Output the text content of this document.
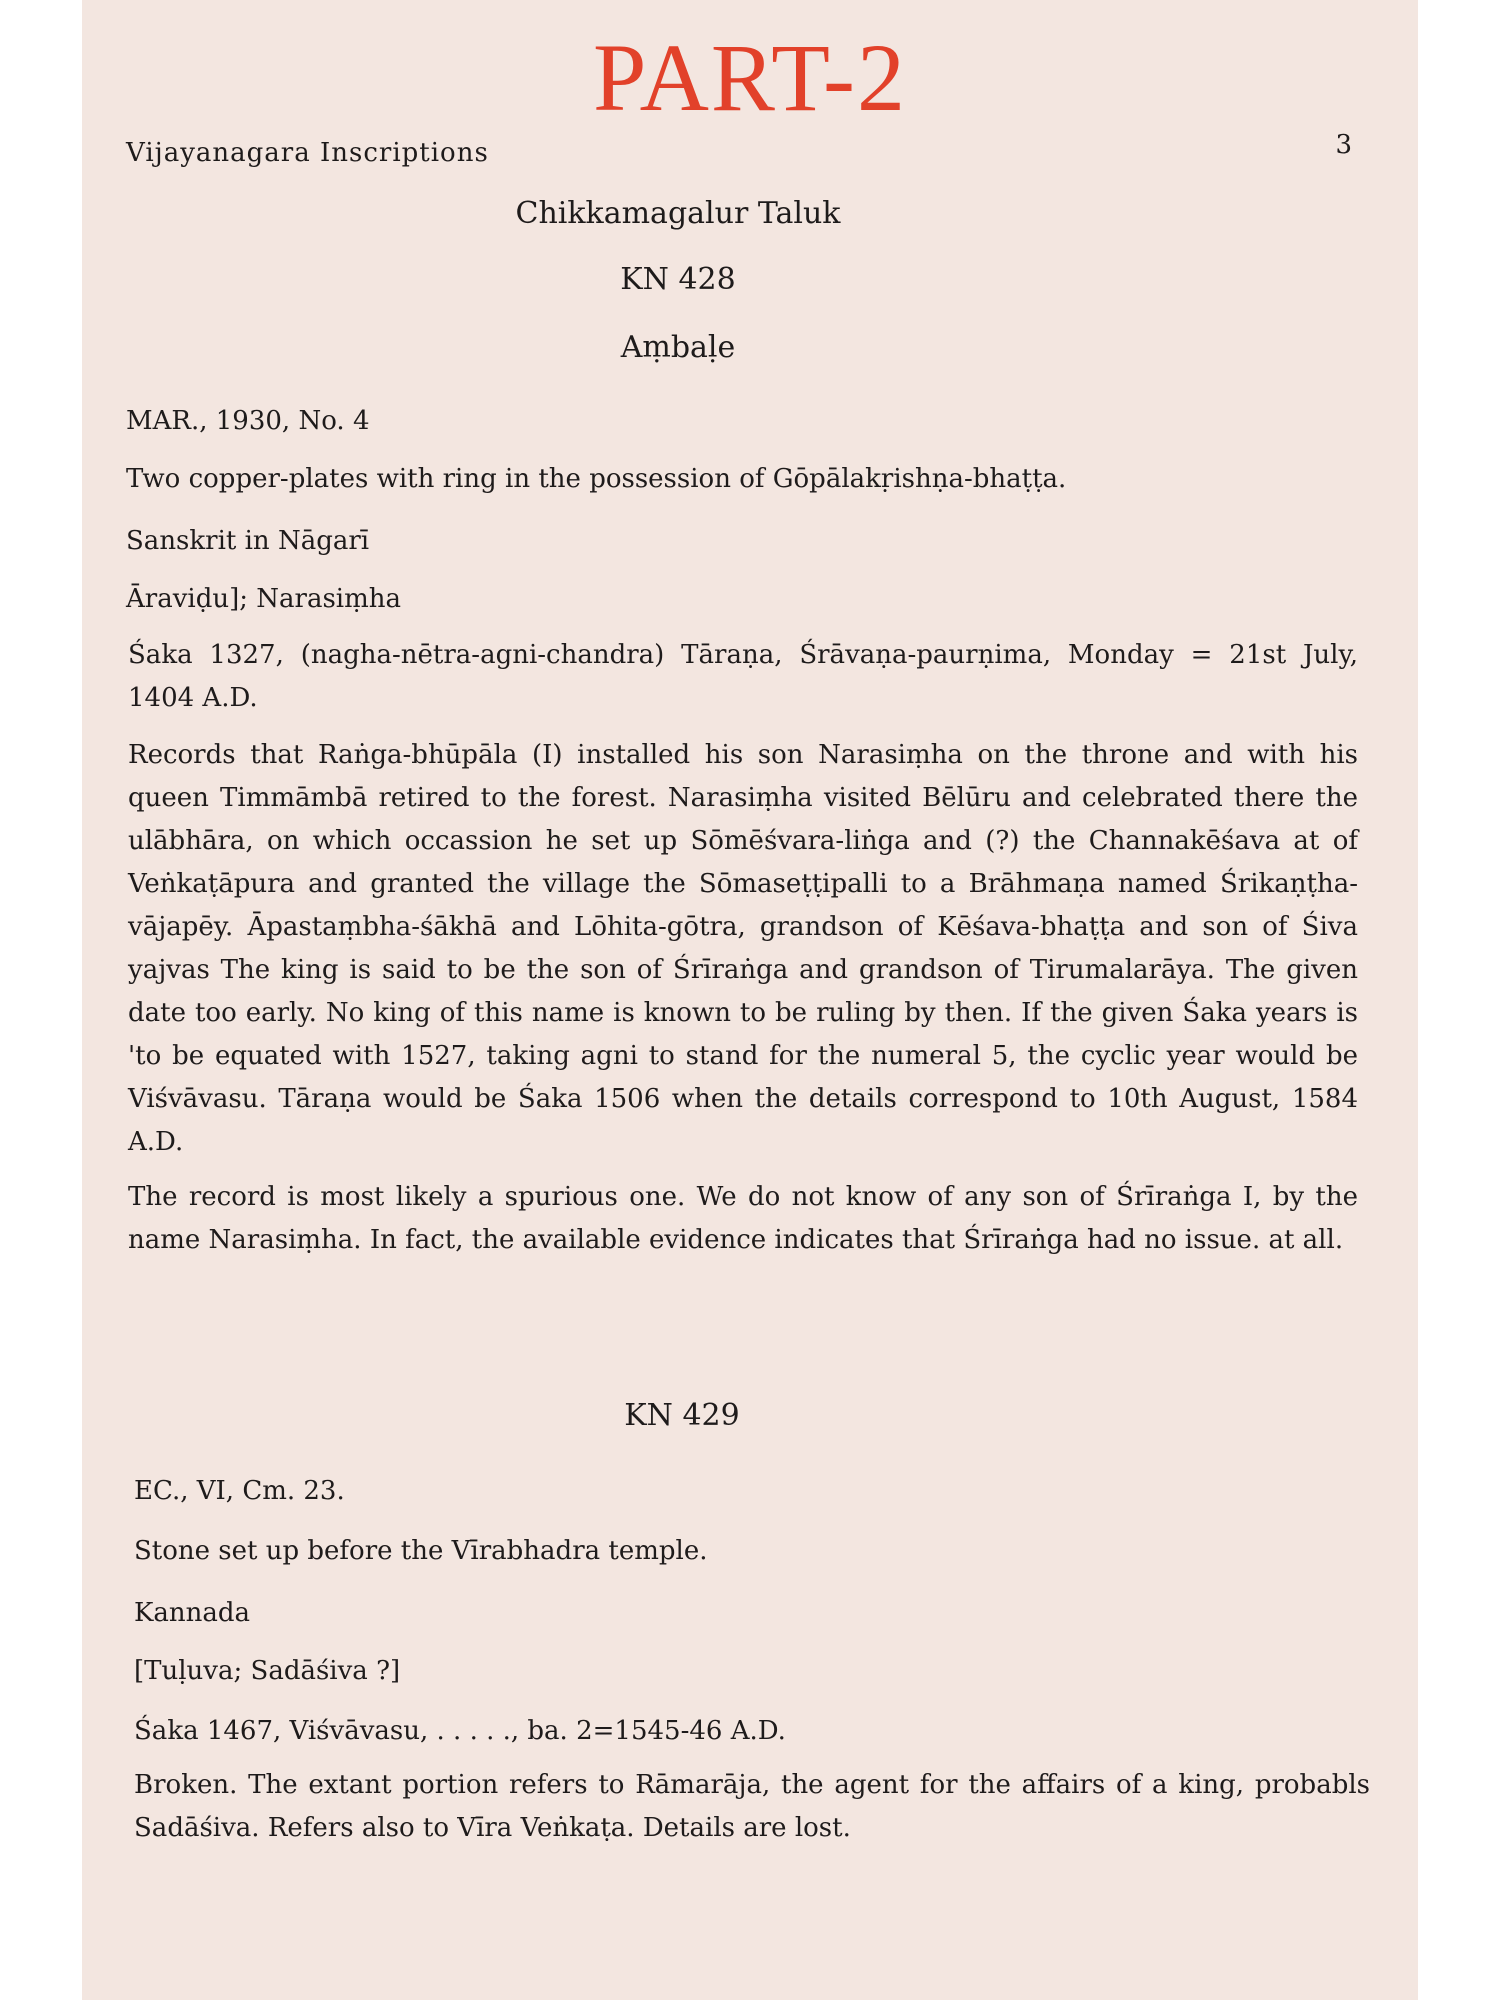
PART-2
Vijayanagara Inscriptions	3
Chikkamagalur Taluk
KN 428
Aṃbaḷe
MAR., 1930, No. 4
Two copper-plates with ring in the possession of Gōpālakṛishṇa-bhaṭṭa.
Sanskrit in Nāgarī
Āraviḍu]; Narasiṃha
Śaka 1327, (nagha-nētra-agni-chandra) Tāraṇa, Śrāvaṇa-paurṇima, Monday = 21st July, 1404 A.D.
Records that Raṅga-bhūpāla (I) installed his son Narasiṃha on the throne and with his queen Timmāmbā retired to the forest. Narasiṃha visited Bēlūru and celebrated there the ulābhāra, on which occassion he set up Sōmēśvara-liṅga and (?) the Channakēśava at of Veṅkaṭāpura and granted the village the Sōmaseṭṭipalli to a Brāhmaṇa named Śrikaṇṭha-vājapēy. Āpastaṃbha-śākhā and Lōhita-gōtra, grandson of Kēśava-bhaṭṭa and son of Śiva yajvas The king is said to be the son of Śrīraṅga and grandson of Tirumalarāya. The given date too early. No king of this name is known to be ruling by then. If the given Śaka years is 'to be equated with 1527, taking agni to stand for the numeral 5, the cyclic year would be Viśvāvasu. Tāraṇa would be Śaka 1506 when the details correspond to 10th August, 1584 A.D.
The record is most likely a spurious one. We do not know of any son of Śrīraṅga I, by the name Narasiṃha. In fact, the available evidence indicates that Śrīraṅga had no issue. at all.
KN 429
EC., VI, Cm. 23.
Stone set up before the Vīrabhadra temple.
Kannada
[Tuḷuva; Sadāśiva ?]
Śaka 1467, Viśvāvasu, . . . . ., ba. 2=1545-46 A.D.
Broken. The extant portion refers to Rāmarāja, the agent for the affairs of a king, probabls Sadāśiva. Refers also to Vīra Veṅkaṭa. Details are lost.
